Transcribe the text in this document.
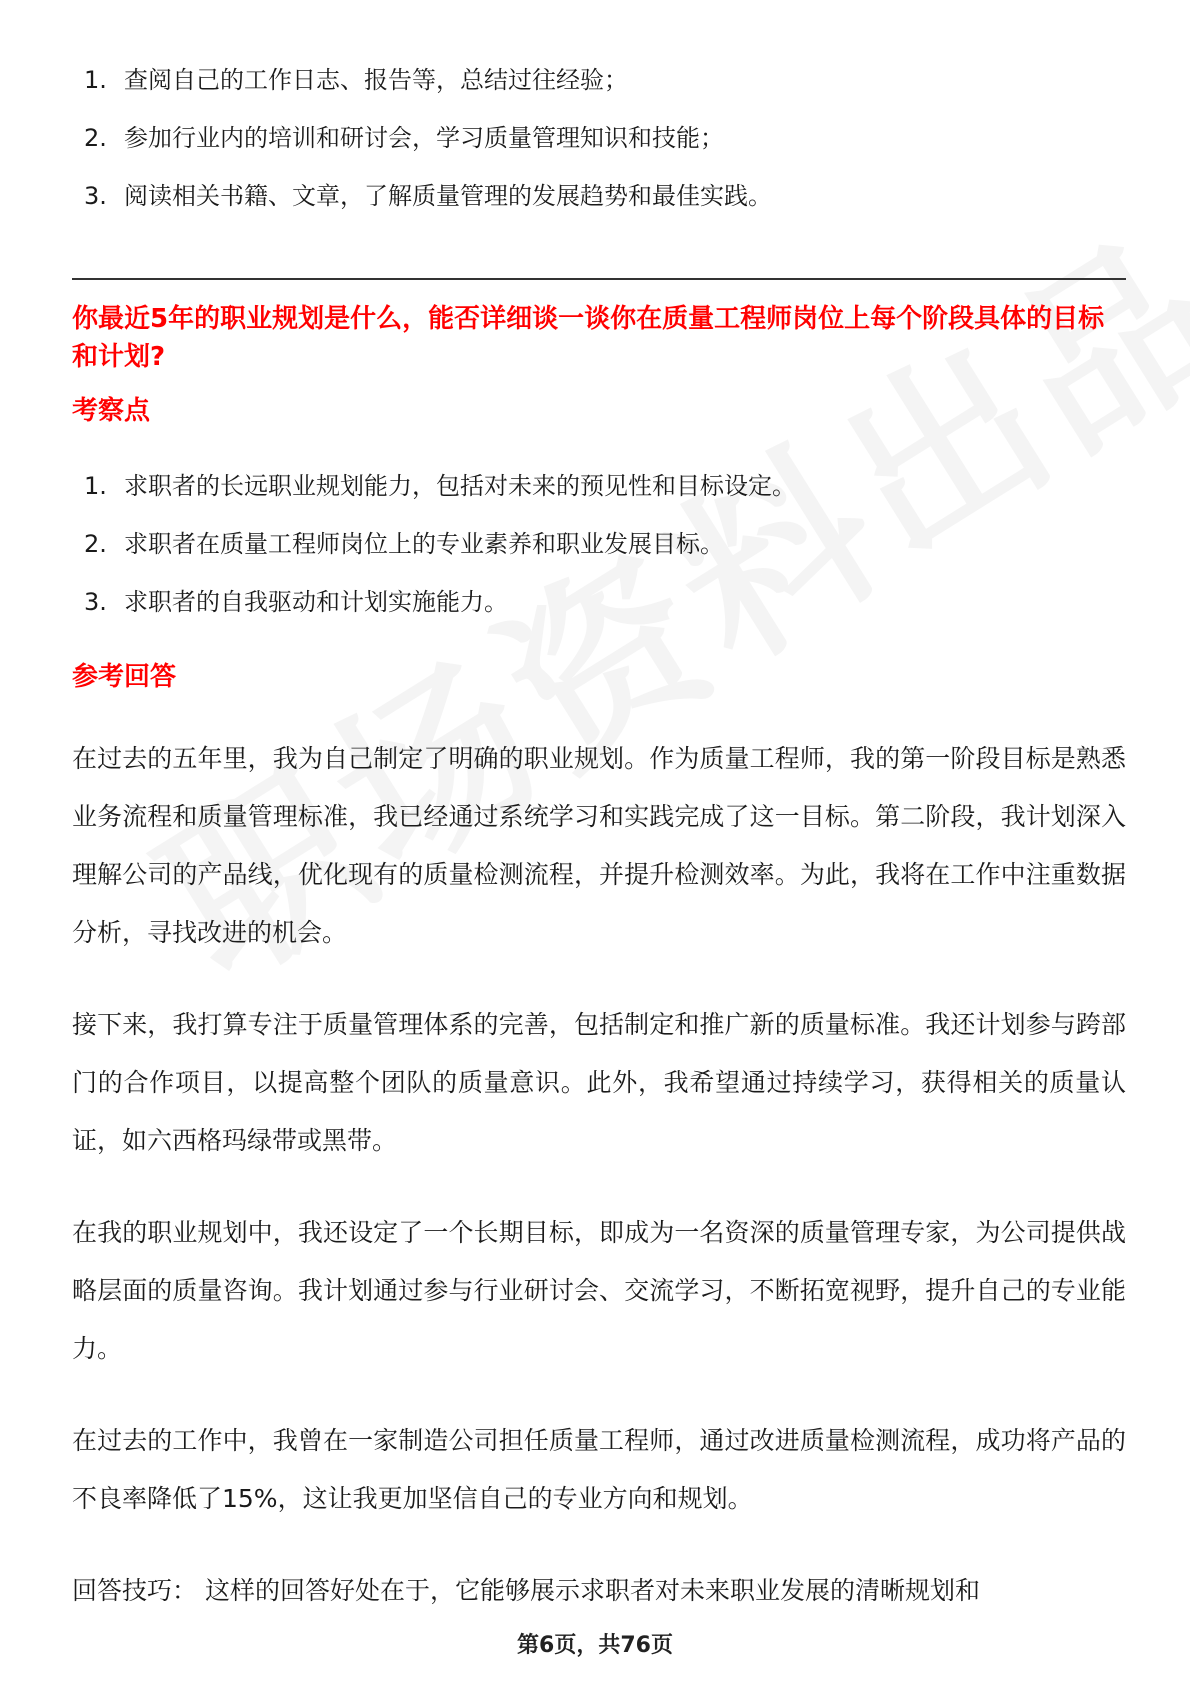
1. 查阅自己的工作日志、报告等，总结过往经验；
2. 参加行业内的培训和研讨会，学习质量管理知识和技能；
3. 阅读相关书籍、文章，了解质量管理的发展趋势和最佳实践。
你最近5年的职业规划是什么，能否详细谈一谈你在质量工程师岗位上每个阶段具体的目标和计划?
考察点
1. 求职者的长远职业规划能力，包括对未来的预见性和目标设定。
2. 求职者在质量工程师岗位上的专业素养和职业发展目标。
3. 求职者的自我驱动和计划实施能力。
参考回答

在过去的五年里，我为自己制定了明确的职业规划。作为质量工程师，我的第一阶段目标是熟悉业务流程和质量管理标准，我已经通过系统学习和实践完成了这一目标。第二阶段，我计划深入理解公司的产品线，优化现有的质量检测流程，并提升检测效率。为此，我将在工作中注重数据分析，寻找改进的机会。

接下来，我打算专注于质量管理体系的完善，包括制定和推广新的质量标准。我还计划参与跨部门的合作项目，以提高整个团队的质量意识。此外，我希望通过持续学习，获得相关的质量认证，如六西格玛绿带或黑带。

在我的职业规划中，我还设定了一个长期目标，即成为一名资深的质量管理专家，为公司提供战略层面的质量咨询。我计划通过参与行业研讨会、交流学习，不断拓宽视野，提升自己的专业能力。

在过去的工作中，我曾在一家制造公司担任质量工程师，通过改进质量检测流程，成功将产品的不良率降低了15%，这让我更加坚信自己的专业方向和规划。

回答技巧： 这样的回答好处在于，它能够展示求职者对未来职业发展的清晰规划和

第6页，共76页
